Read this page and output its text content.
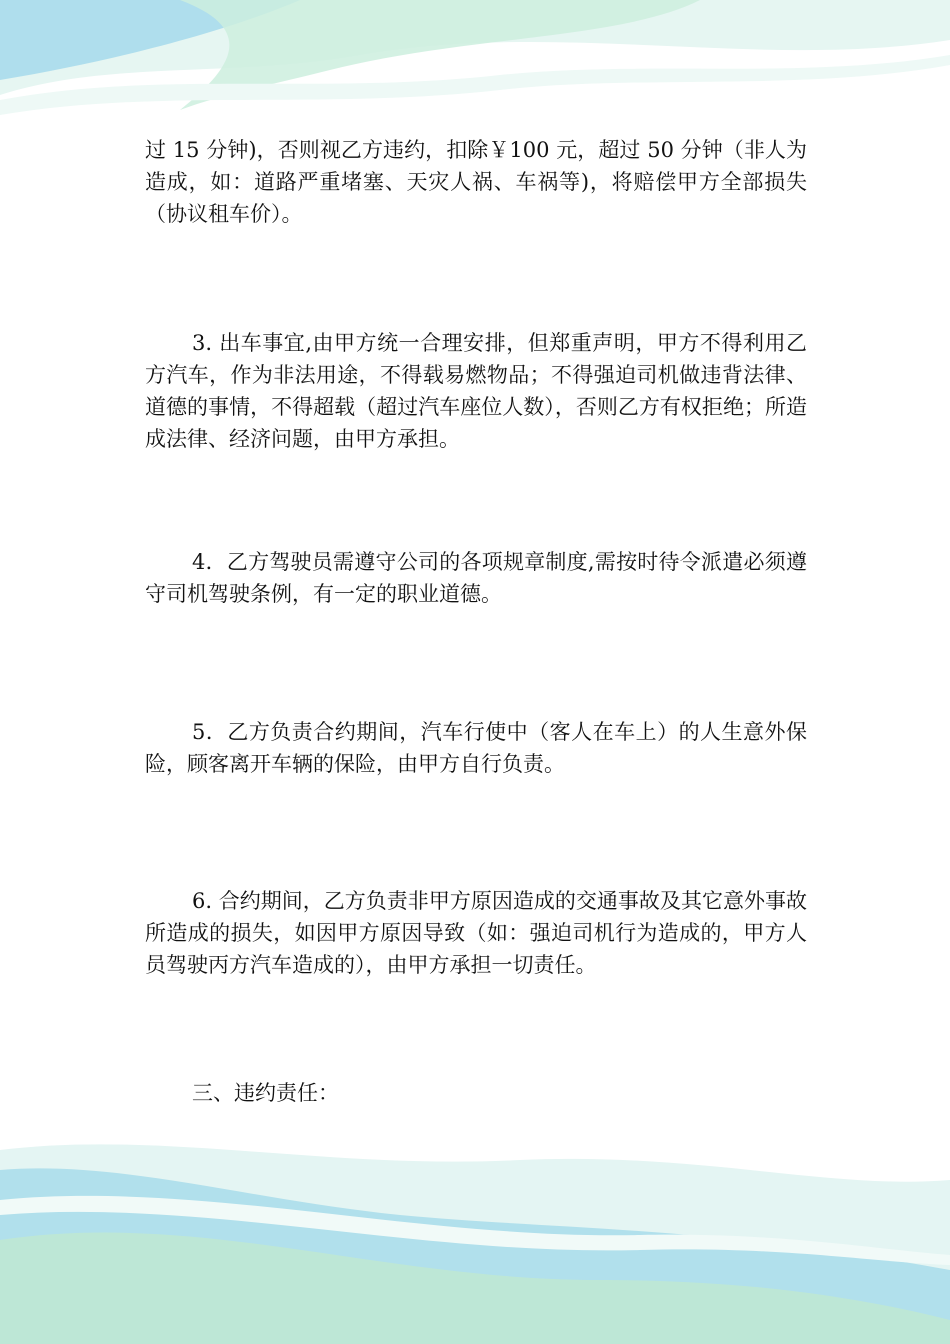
过 15 分钟)，否则视乙方违约，扣除￥100 元，超过 50 分钟（非人为造成，如：道路严重堵塞、天灾人祸、车祸等)，将赔偿甲方全部损失（协议租车价）。

3. 出车事宜,由甲方统一合理安排，但郑重声明，甲方不得利用乙方汽车，作为非法用途，不得载易燃物品；不得强迫司机做违背法律、道德的事情，不得超载（超过汽车座位人数），否则乙方有权拒绝；所造成法律、经济问题，由甲方承担。

4．乙方驾驶员需遵守公司的各项规章制度,需按时待令派遣必须遵守司机驾驶条例，有一定的职业道德。

5．乙方负责合约期间，汽车行使中（客人在车上）的人生意外保险，顾客离开车辆的保险，由甲方自行负责。

6. 合约期间，乙方负责非甲方原因造成的交通事故及其它意外事故所造成的损失，如因甲方原因导致（如：强迫司机行为造成的，甲方人员驾驶丙方汽车造成的），由甲方承担一切责任。

三、违约责任：
